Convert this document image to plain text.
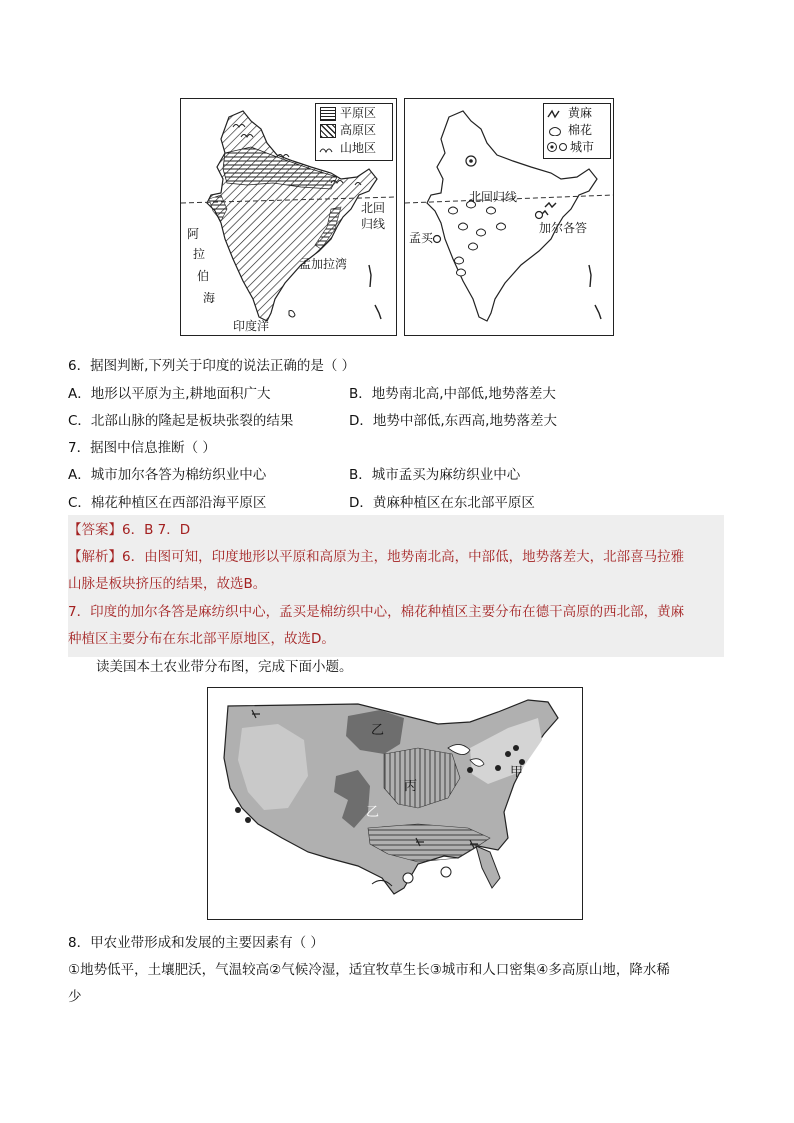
平原区
高原区
山地区
北回
归线
阿
拉
伯
海
孟加拉湾
印度洋
黄麻
棉花
城市
北回归线
孟买
加尔各答
6．据图判断,下列关于印度的说法正确的是（ ）
A．地形以平原为主,耕地面积广大	B．地势南北高,中部低,地势落差大
C．北部山脉的隆起是板块张裂的结果	D．地势中部低,东西高,地势落差大
7．据图中信息推断（ ）
A．城市加尔各答为棉纺织业中心	B．城市孟买为麻纺织业中心
C．棉花种植区在西部沿海平原区	D．黄麻种植区在东北部平原区
【答案】6．B 7．D
【解析】6．由图可知，印度地形以平原和高原为主，地势南北高，中部低，地势落差大，北部喜马拉雅
山脉是板块挤压的结果，故选B。
7．印度的加尔各答是麻纺织中心，孟买是棉纺织中心，棉花种植区主要分布在德干高原的西北部，黄麻
种植区主要分布在东北部平原地区，故选D。
读美国本土农业带分布图，完成下面小题。
乙
丙
乙
甲
8．甲农业带形成和发展的主要因素有（ ）
①地势低平，土壤肥沃，气温较高②气候冷湿，适宜牧草生长③城市和人口密集④多高原山地，降水稀
少
